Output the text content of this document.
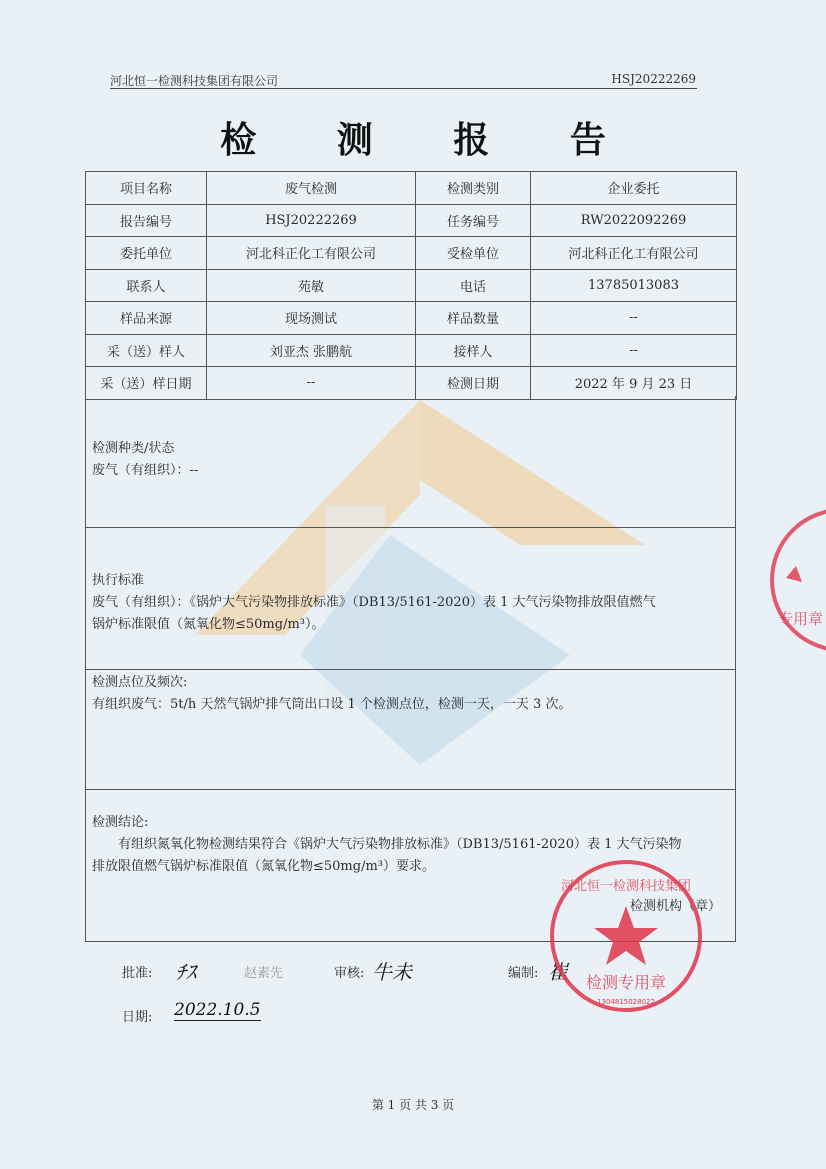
河北恒一检测科技集团有限公司	HSJ20222269
检 测 报 告
项目名称	废气检测	检测类别	企业委托
报告编号	HSJ20222269	任务编号	RW2022092269
委托单位	河北科正化工有限公司	受检单位	河北科正化工有限公司
联系人	苑敏	电话	13785013083
样品来源	现场测试	样品数量	--
采（送）样人	刘亚杰 张鹏航	接样人	--
采（送）样日期	--	检测日期	2022 年 9 月 23 日
检测种类/状态
废气（有组织）：--
执行标准
废气（有组织）：《锅炉大气污染物排放标准》（DB13/5161-2020）表 1 大气污染物排放限值燃气
锅炉标准限值（氮氧化物≤50mg/m³）。
检测点位及频次:
有组织废气：5t/h 天然气锅炉排气筒出口设 1 个检测点位，检测一天，一天 3 次。
检测结论:
有组织氮氧化物检测结果符合《锅炉大气污染物排放标准》（DB13/5161-2020）表 1 大气污染物
排放限值燃气锅炉标准限值（氮氧化物≤50mg/m³）要求。
检测机构（章）
批准: ﾁｽ	赵素先	审核: 牛未	编制: 崔
日期: 2022.10.5
检测专用章
1304815028022
河北恒一检测科技集团
专用章
第 1 页 共 3 页
